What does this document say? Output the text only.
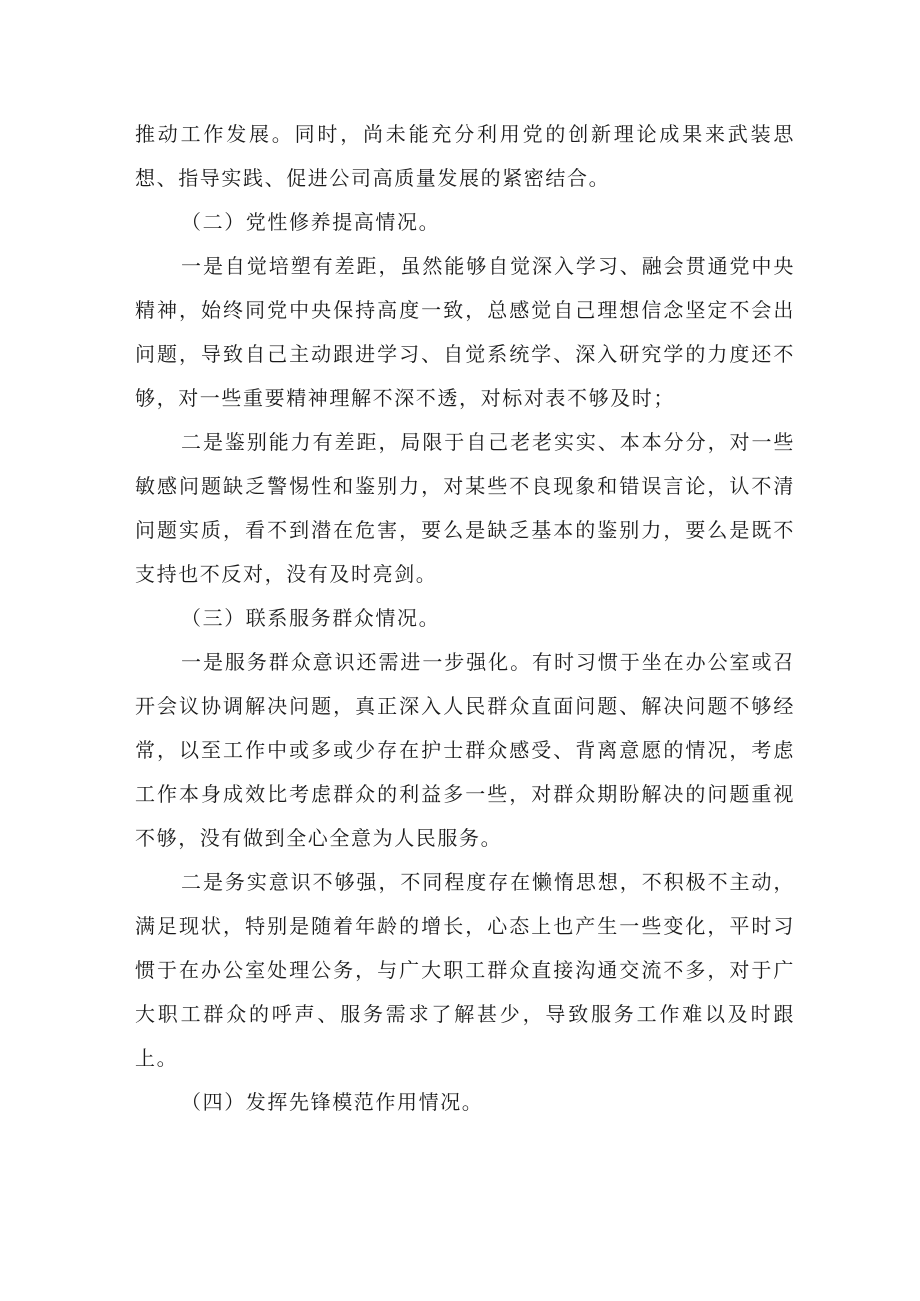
推动工作发展。同时，尚未能充分利用党的创新理论成果来武装思想、指导实践、促进公司高质量发展的紧密结合。

（二）党性修养提高情况。

一是自觉培塑有差距，虽然能够自觉深入学习、融会贯通党中央精神，始终同党中央保持高度一致，总感觉自己理想信念坚定不会出问题，导致自己主动跟进学习、自觉系统学、深入研究学的力度还不够，对一些重要精神理解不深不透，对标对表不够及时；

二是鉴别能力有差距，局限于自己老老实实、本本分分，对一些敏感问题缺乏警惕性和鉴别力，对某些不良现象和错误言论，认不清问题实质，看不到潜在危害，要么是缺乏基本的鉴别力，要么是既不支持也不反对，没有及时亮剑。

（三）联系服务群众情况。

一是服务群众意识还需进一步强化。有时习惯于坐在办公室或召开会议协调解决问题，真正深入人民群众直面问题、解决问题不够经常，以至工作中或多或少存在护士群众感受、背离意愿的情况，考虑工作本身成效比考虑群众的利益多一些，对群众期盼解决的问题重视不够，没有做到全心全意为人民服务。

二是务实意识不够强，不同程度存在懒惰思想，不积极不主动，满足现状，特别是随着年龄的增长，心态上也产生一些变化，平时习惯于在办公室处理公务，与广大职工群众直接沟通交流不多，对于广大职工群众的呼声、服务需求了解甚少，导致服务工作难以及时跟上。

（四）发挥先锋模范作用情况。
